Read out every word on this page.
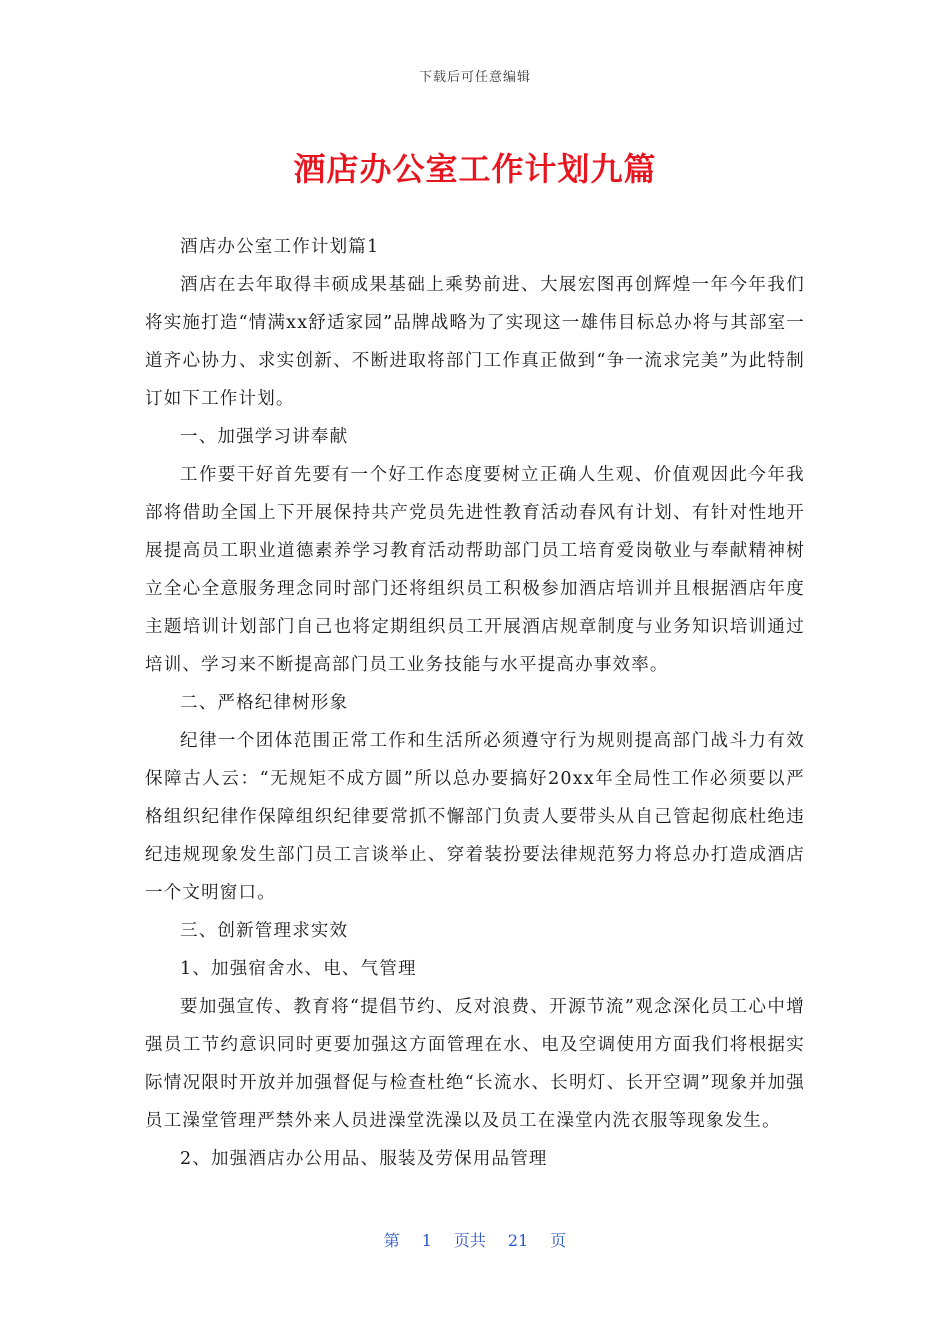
下载后可任意编辑
酒店办公室工作计划九篇

酒店办公室工作计划篇1

酒店在去年取得丰硕成果基础上乘势前进、大展宏图再创辉煌一年今年我们将实施打造“情满xx舒适家园”品牌战略为了实现这一雄伟目标总办将与其部室一道齐心协力、求实创新、不断进取将部门工作真正做到“争一流求完美”为此特制订如下工作计划。

一、加强学习讲奉献

工作要干好首先要有一个好工作态度要树立正确人生观、价值观因此今年我部将借助全国上下开展保持共产党员先进性教育活动春风有计划、有针对性地开展提高员工职业道德素养学习教育活动帮助部门员工培育爱岗敬业与奉献精神树立全心全意服务理念同时部门还将组织员工积极参加酒店培训并且根据酒店年度主题培训计划部门自己也将定期组织员工开展酒店规章制度与业务知识培训通过培训、学习来不断提高部门员工业务技能与水平提高办事效率。

二、严格纪律树形象

纪律一个团体范围正常工作和生活所必须遵守行为规则提高部门战斗力有效保障古人云：“无规矩不成方圆”所以总办要搞好20xx年全局性工作必须要以严格组织纪律作保障组织纪律要常抓不懈部门负责人要带头从自己管起彻底杜绝违纪违规现象发生部门员工言谈举止、穿着装扮要法律规范努力将总办打造成酒店一个文明窗口。

三、创新管理求实效

1、加强宿舍水、电、气管理

要加强宣传、教育将“提倡节约、反对浪费、开源节流”观念深化员工心中增强员工节约意识同时更要加强这方面管理在水、电及空调使用方面我们将根据实际情况限时开放并加强督促与检查杜绝“长流水、长明灯、长开空调”现象并加强员工澡堂管理严禁外来人员进澡堂洗澡以及员工在澡堂内洗衣服等现象发生。

2、加强酒店办公用品、服装及劳保用品管理

第 1 页共 21 页
